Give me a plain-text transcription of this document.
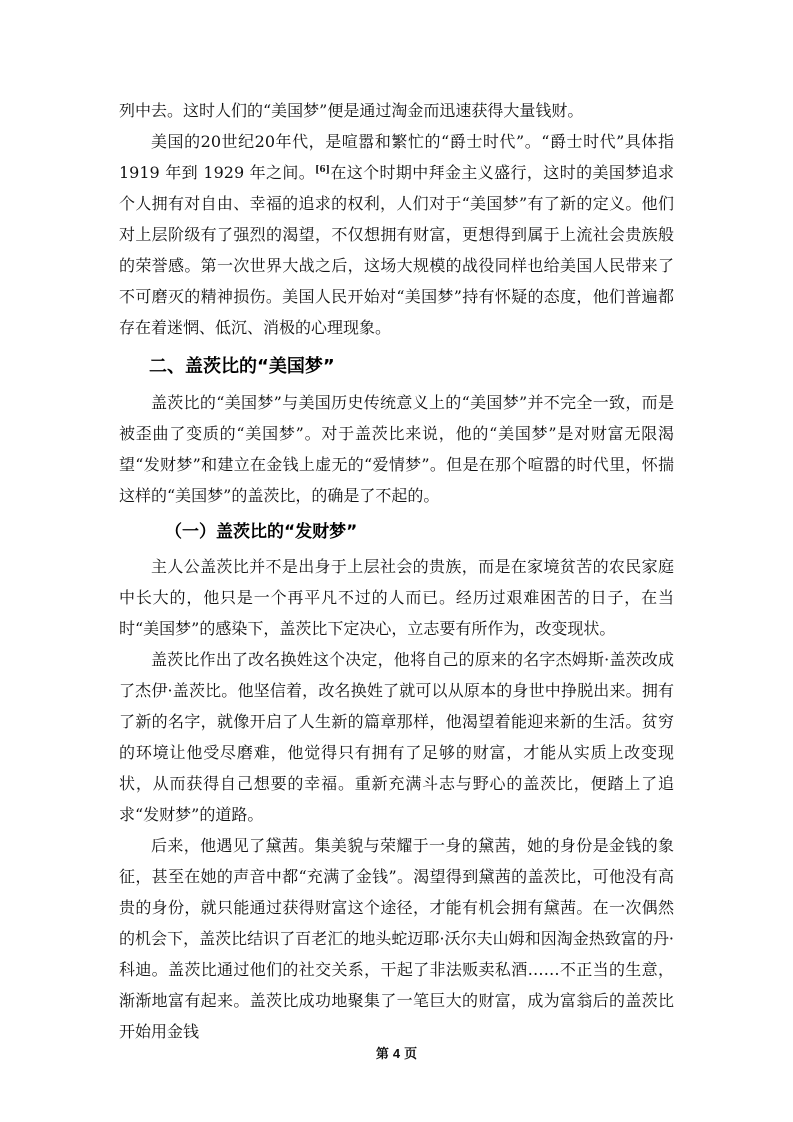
列中去。这时人们的“美国梦”便是通过淘金而迅速获得大量钱财。

美国的20世纪20年代，是喧嚣和繁忙的“爵士时代”。“爵士时代”具体指1919 年到 1929 年之间。[6]在这个时期中拜金主义盛行，这时的美国梦追求个人拥有对自由、幸福的追求的权利，人们对于“美国梦”有了新的定义。他们对上层阶级有了强烈的渴望，不仅想拥有财富，更想得到属于上流社会贵族般的荣誉感。第一次世界大战之后，这场大规模的战役同样也给美国人民带来了不可磨灭的精神损伤。美国人民开始对“美国梦”持有怀疑的态度，他们普遍都存在着迷惘、低沉、消极的心理现象。

二、盖茨比的“美国梦”

盖茨比的“美国梦”与美国历史传统意义上的“美国梦”并不完全一致，而是被歪曲了变质的“美国梦”。对于盖茨比来说，他的“美国梦”是对财富无限渴望“发财梦”和建立在金钱上虚无的“爱情梦”。但是在那个喧嚣的时代里，怀揣这样的“美国梦”的盖茨比，的确是了不起的。

（一）盖茨比的“发财梦”

主人公盖茨比并不是出身于上层社会的贵族，而是在家境贫苦的农民家庭中长大的，他只是一个再平凡不过的人而已。经历过艰难困苦的日子，在当时“美国梦”的感染下，盖茨比下定决心，立志要有所作为，改变现状。

盖茨比作出了改名换姓这个决定，他将自己的原来的名字杰姆斯·盖茨改成了杰伊·盖茨比。他坚信着，改名换姓了就可以从原本的身世中挣脱出来。拥有了新的名字，就像开启了人生新的篇章那样，他渴望着能迎来新的生活。贫穷的环境让他受尽磨难，他觉得只有拥有了足够的财富，才能从实质上改变现状，从而获得自己想要的幸福。重新充满斗志与野心的盖茨比，便踏上了追求“发财梦”的道路。

后来，他遇见了黛茜。集美貌与荣耀于一身的黛茜，她的身份是金钱的象征，甚至在她的声音中都“充满了金钱”。渴望得到黛茜的盖茨比，可他没有高贵的身份，就只能通过获得财富这个途径，才能有机会拥有黛茜。在一次偶然的机会下，盖茨比结识了百老汇的地头蛇迈耶·沃尔夫山姆和因淘金热致富的丹·科迪。盖茨比通过他们的社交关系，干起了非法贩卖私酒……不正当的生意，渐渐地富有起来。盖茨比成功地聚集了一笔巨大的财富，成为富翁后的盖茨比开始用金钱

第 4 页
